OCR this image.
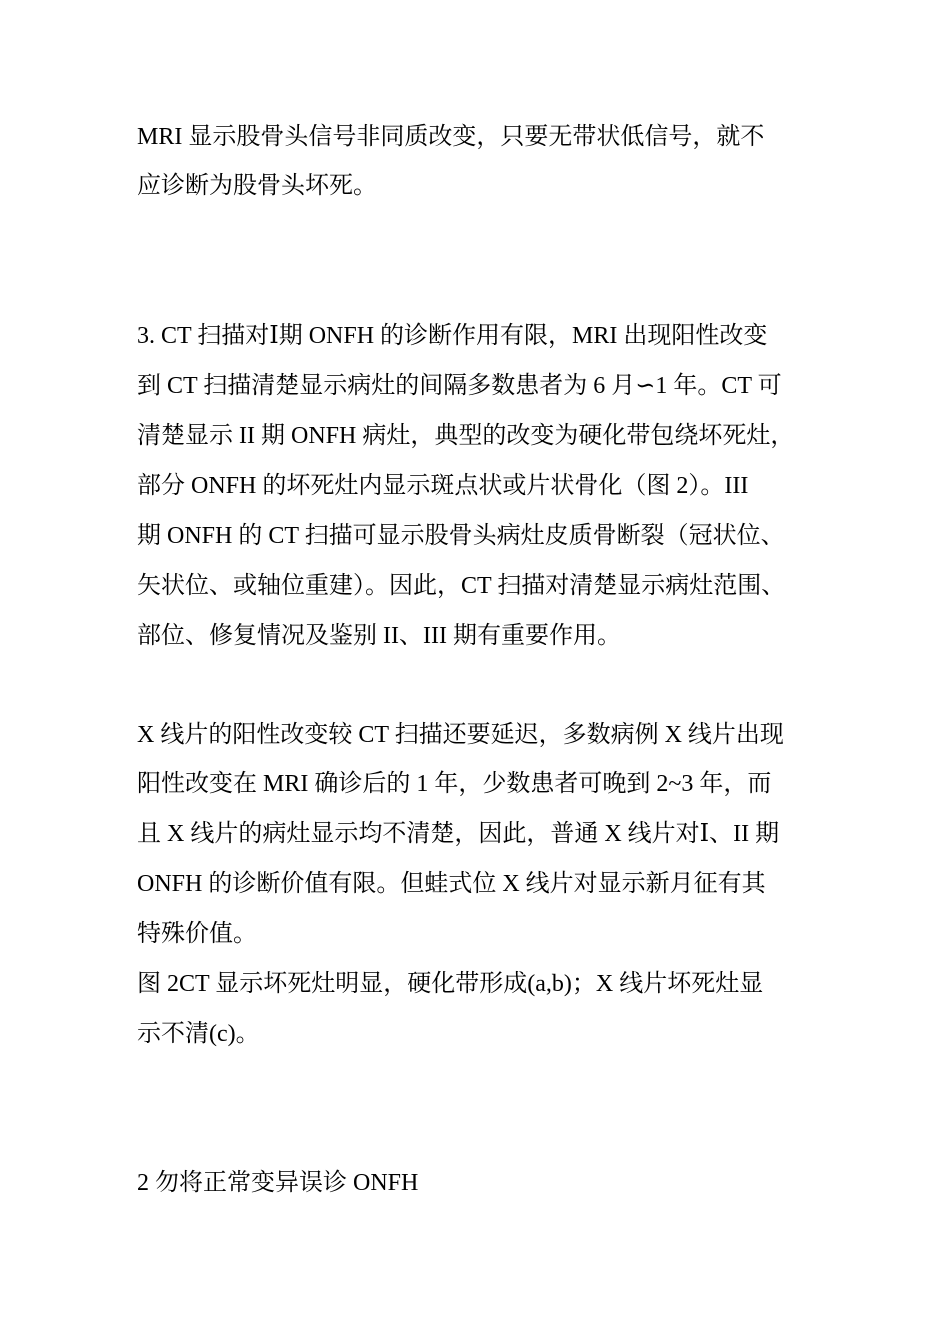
MRI 显示股骨头信号非同质改变，只要无带状低信号，就不
应诊断为股骨头坏死。
3. CT 扫描对Ⅰ期 ONFH 的诊断作用有限，MRI 出现阳性改变
到 CT 扫描清楚显示病灶的间隔多数患者为 6 月∽1 年。CT 可
清楚显示 II 期 ONFH 病灶，典型的改变为硬化带包绕坏死灶，
部分 ONFH 的坏死灶内显示斑点状或片状骨化（图 2）。III
期 ONFH 的 CT 扫描可显示股骨头病灶皮质骨断裂（冠状位、
矢状位、或轴位重建）。因此，CT 扫描对清楚显示病灶范围、
部位、修复情况及鉴别 II、III 期有重要作用。
X 线片的阳性改变较 CT 扫描还要延迟，多数病例 X 线片出现
阳性改变在 MRI 确诊后的 1 年，少数患者可晚到 2~3 年，而
且 X 线片的病灶显示均不清楚，因此，普通 X 线片对Ⅰ、II 期
ONFH 的诊断价值有限。但蛙式位 X 线片对显示新月征有其
特殊价值。
图 2CT 显示坏死灶明显，硬化带形成(a,b)；X 线片坏死灶显
示不清(c)。
2 勿将正常变异误诊 ONFH
